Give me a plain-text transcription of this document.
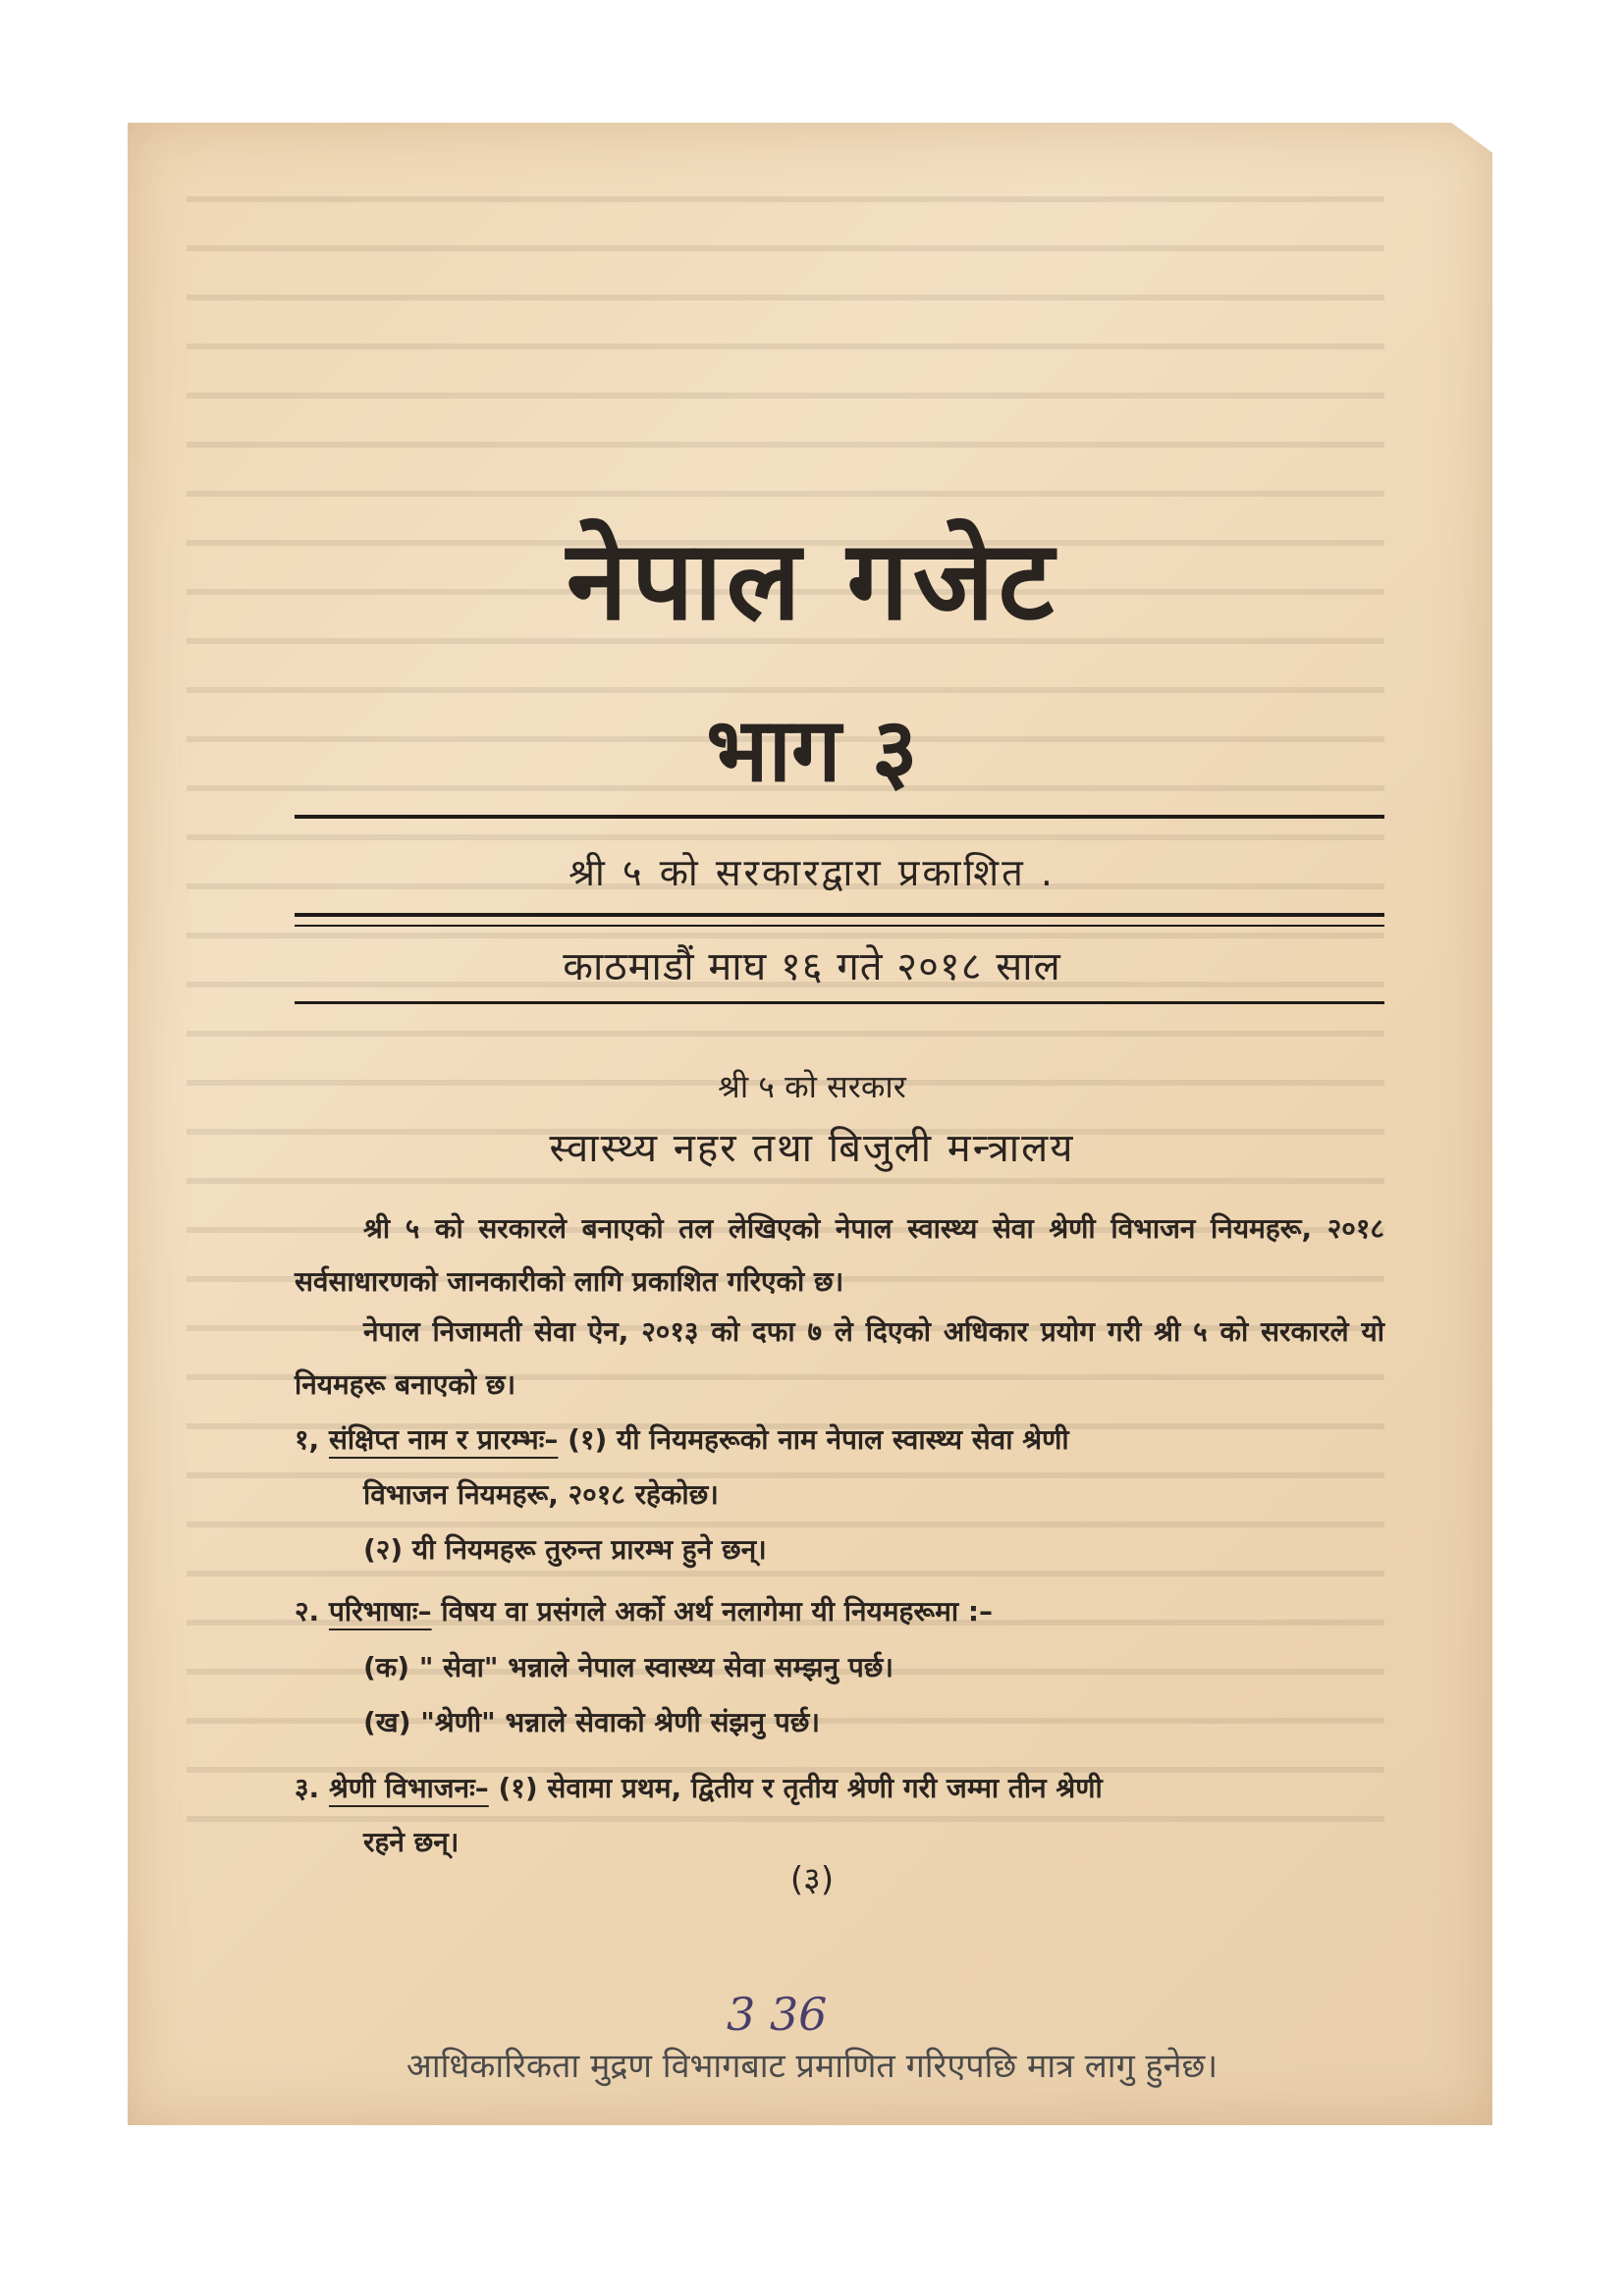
नेपाल गजेट
भाग ३
श्री ५ को सरकारद्वारा प्रकाशित .
काठमाडौं माघ १६ गते २०१८ साल
श्री ५ को सरकार
स्वास्थ्य नहर तथा बिजुली मन्त्रालय
श्री ५ को सरकारले बनाएको तल लेखिएको नेपाल स्वास्थ्य सेवा श्रेणी विभाजन नियमहरू, २०१८ सर्वसाधारणको जानकारीको लागि प्रकाशित गरिएको छ।
नेपाल निजामती सेवा ऐन, २०१३ को दफा ७ ले दिएको अधिकार प्रयोग गरी श्री ५ को सरकारले यो नियमहरू बनाएको छ।
१, संक्षिप्त नाम र प्रारम्भः– (१) यी नियमहरूको नाम नेपाल स्वास्थ्य सेवा श्रेणी
विभाजन नियमहरू, २०१८ रहेकोछ।
(२) यी नियमहरू तुरुन्त प्रारम्भ हुने छन्।
२. परिभाषाः– विषय वा प्रसंगले अर्को अर्थ नलागेमा यी नियमहरूमा :–
(क) " सेवा" भन्नाले नेपाल स्वास्थ्य सेवा सम्झनु पर्छ।
(ख) "श्रेणी" भन्नाले सेवाको श्रेणी संझनु पर्छ।
३. श्रेणी विभाजनः– (१) सेवामा प्रथम, द्वितीय र तृतीय श्रेणी गरी जम्मा तीन श्रेणी
रहने छन्।
(३)
3 36
आधिकारिकता मुद्रण विभागबाट प्रमाणित गरिएपछि मात्र लागु हुनेछ।
